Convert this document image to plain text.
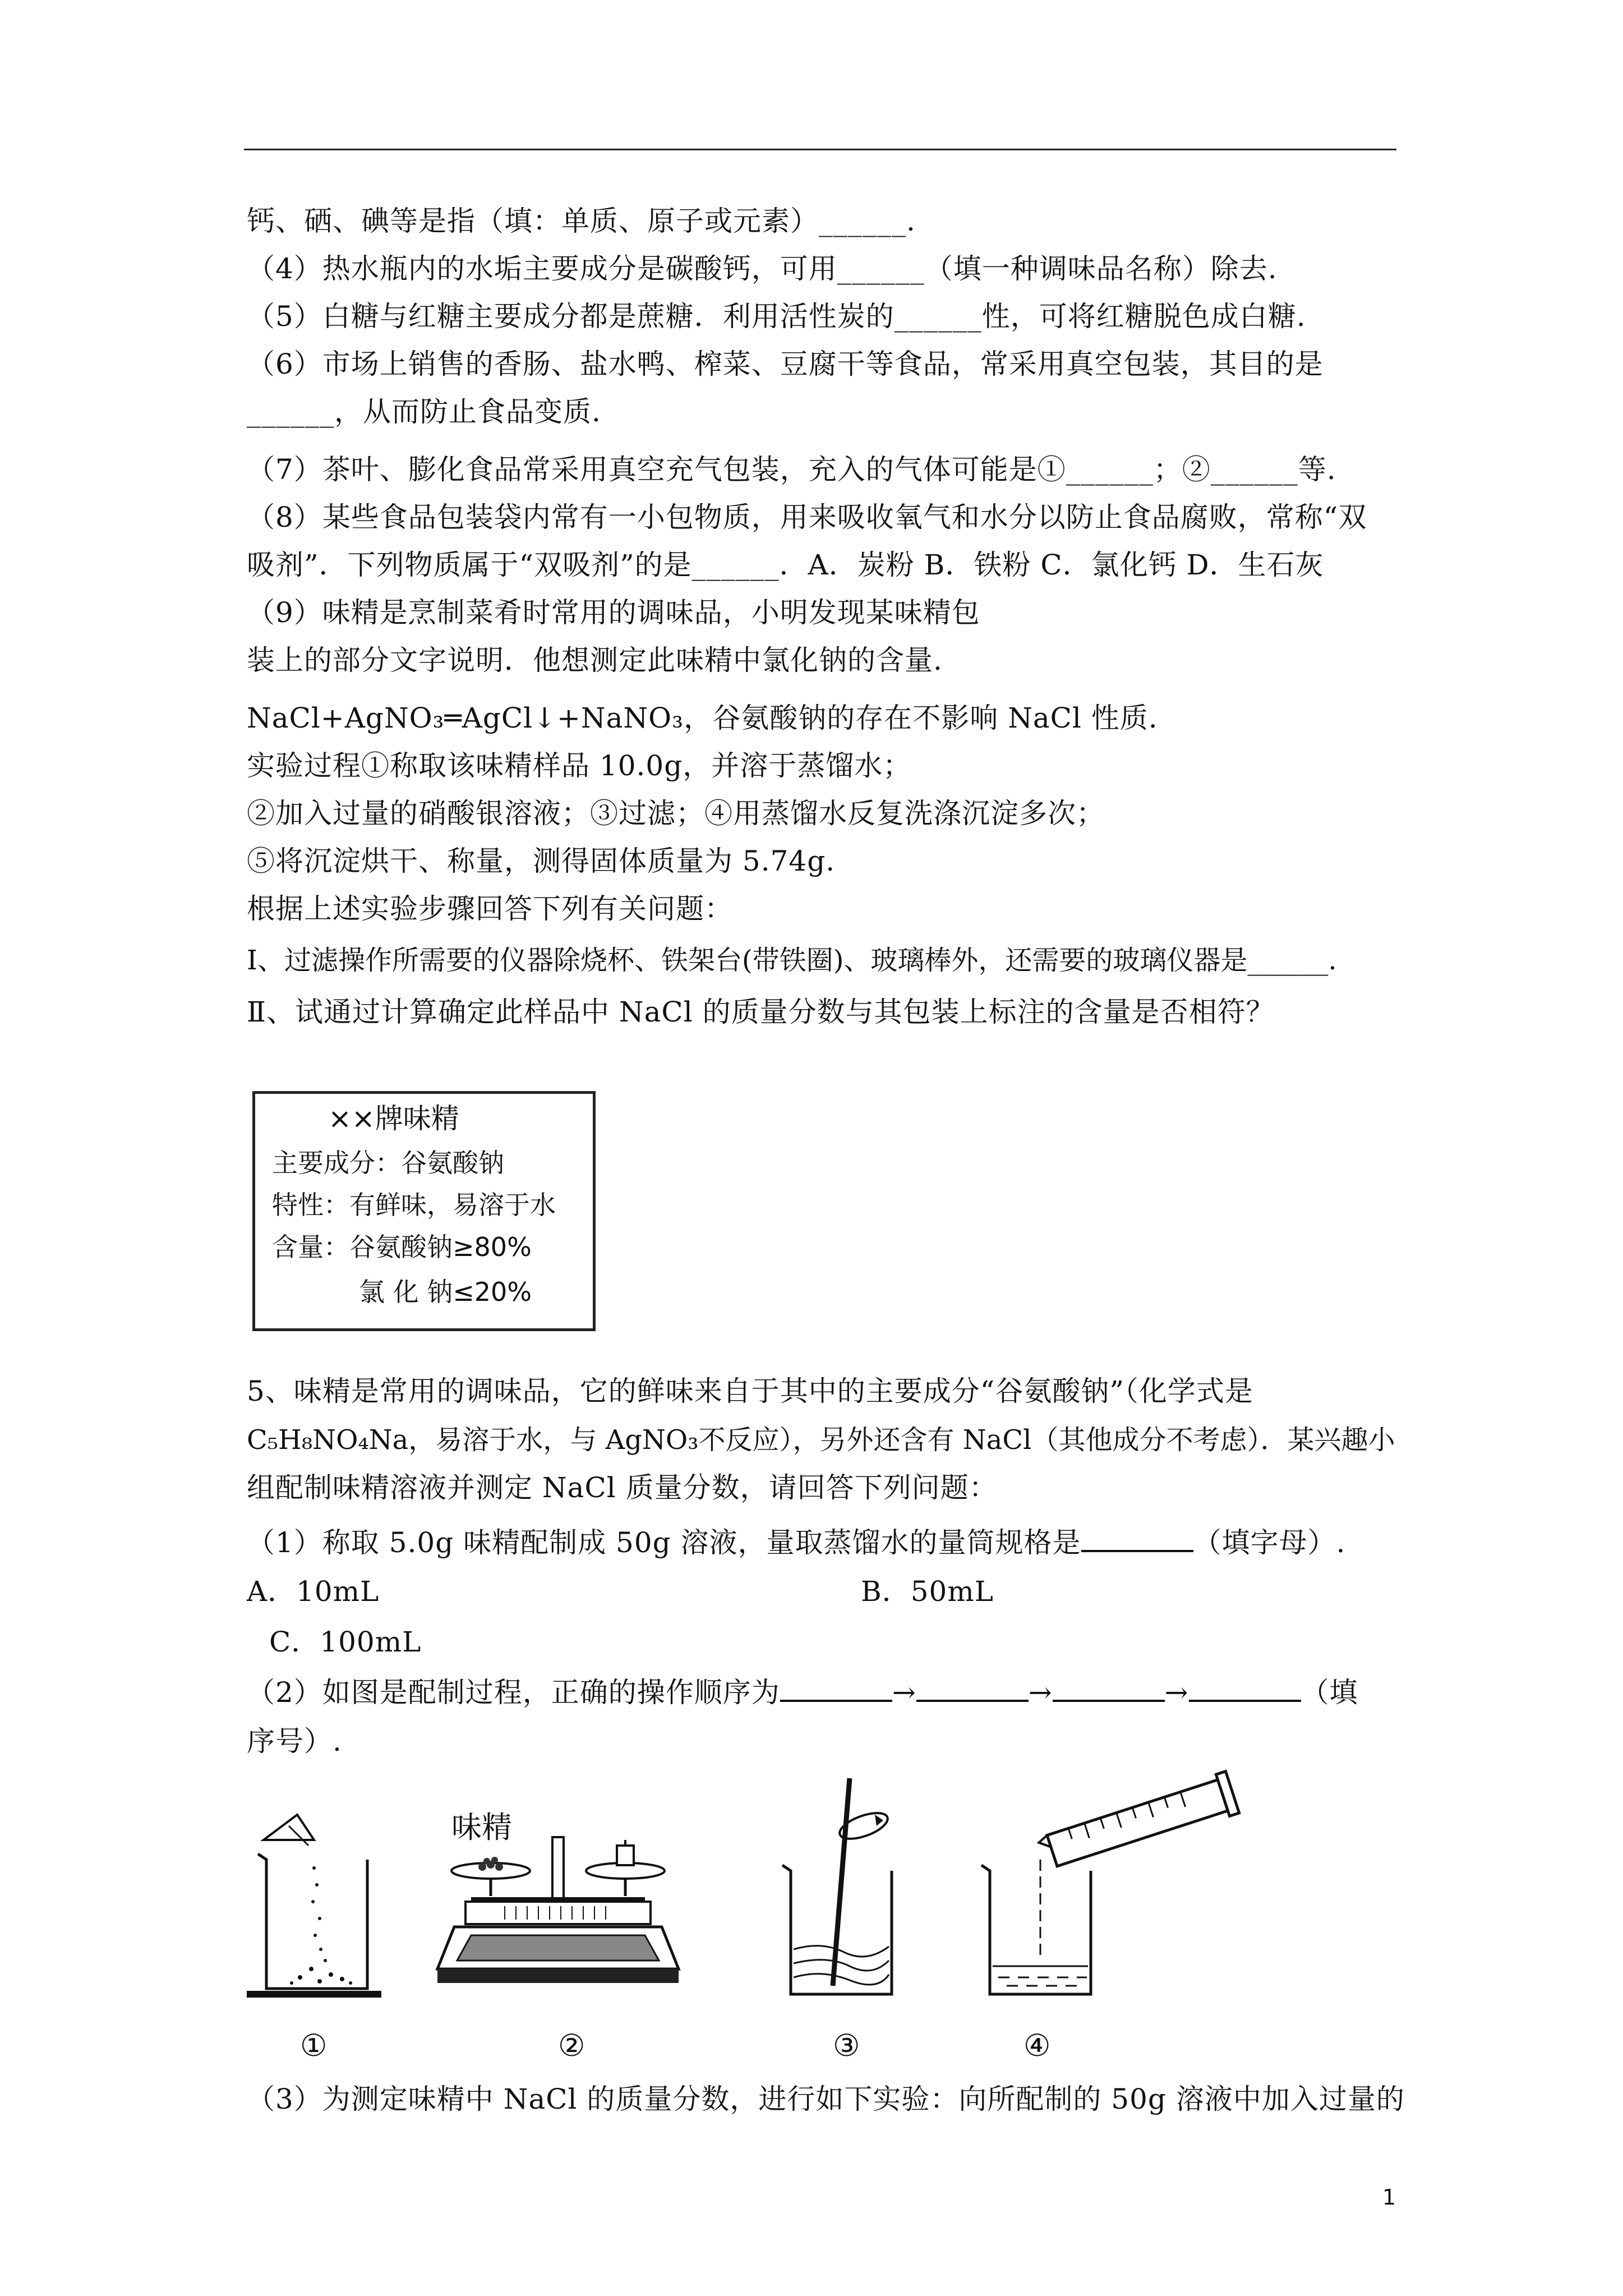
钙、硒、碘等是指（填：单质、原子或元素）______.
（4）热水瓶内的水垢主要成分是碳酸钙，可用______（填一种调味品名称）除去.
（5）白糖与红糖主要成分都是蔗糖．利用活性炭的______性，可将红糖脱色成白糖.
（6）市场上销售的香肠、盐水鸭、榨菜、豆腐干等食品，常采用真空包装，其目的是
______，从而防止食品变质.
（7）茶叶、膨化食品常采用真空充气包装，充入的气体可能是①______；②______等.
（8）某些食品包装袋内常有一小包物质，用来吸收氧气和水分以防止食品腐败，常称“双
吸剂”．下列物质属于“双吸剂”的是______．A．炭粉 B．铁粉 C．氯化钙 D．生石灰
（9）味精是烹制菜肴时常用的调味品，小明发现某味精包
装上的部分文字说明．他想测定此味精中氯化钠的含量.
NaCl+AgNO₃═AgCl↓+NaNO₃，谷氨酸钠的存在不影响 NaCl 性质.
实验过程①称取该味精样品 10.0g，并溶于蒸馏水；
②加入过量的硝酸银溶液；③过滤；④用蒸馏水反复洗涤沉淀多次；
⑤将沉淀烘干、称量，测得固体质量为 5.74g.
根据上述实验步骤回答下列有关问题：
Ⅰ、过滤操作所需要的仪器除烧杯、铁架台(带铁圈)、玻璃棒外，还需要的玻璃仪器是______.
Ⅱ、试通过计算确定此样品中 NaCl 的质量分数与其包装上标注的含量是否相符？
××牌味精
主要成分：谷氨酸钠
特性：有鲜味，易溶于水
含量：谷氨酸钠≥80%
氯 化 钠≤20%
5、味精是常用的调味品，它的鲜味来自于其中的主要成分“谷氨酸钠”（化学式是
C₅H₈NO₄Na，易溶于水，与 AgNO₃不反应），另外还含有 NaCl（其他成分不考虑）．某兴趣小
组配制味精溶液并测定 NaCl 质量分数，请回答下列问题：
（1）称取 5.0g 味精配制成 50g 溶液，量取蒸馏水的量筒规格是	（填字母）.
A．10mL	B．50mL
C．100mL
（2）如图是配制过程，正确的操作顺序为	→	→	→	（填
序号）.
味精
①	②	③	④
（3）为测定味精中 NaCl 的质量分数，进行如下实验：向所配制的 50g 溶液中加入过量的
1
